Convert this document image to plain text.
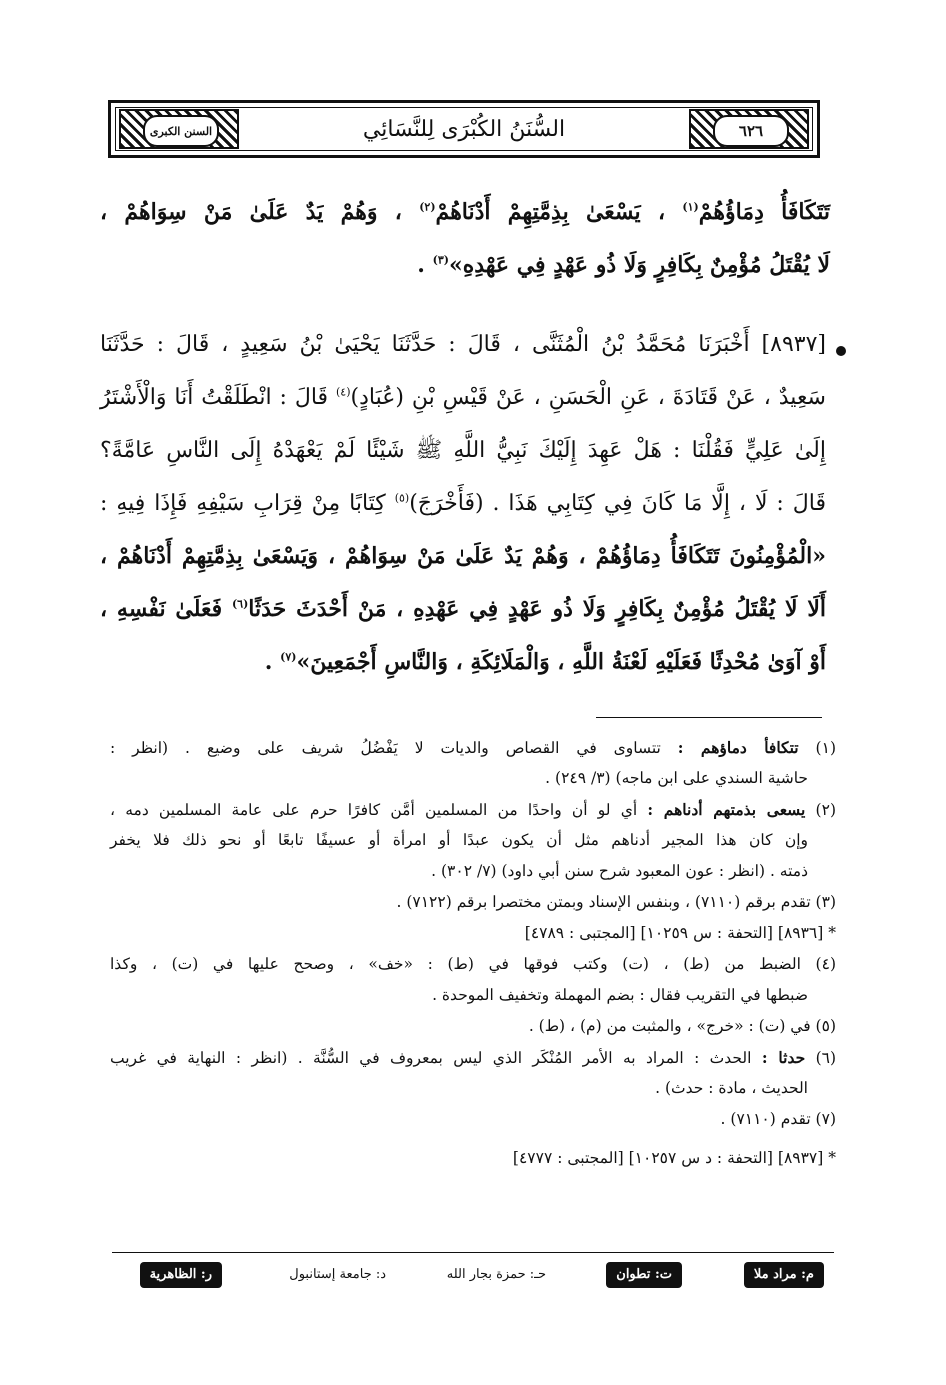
السنن الكبرى	السُّنَنُ الكُبْرَى لِلنَّسَائِي	٦٢٦
تَتَكَافَأُ دِمَاؤُهُمْ$^{(١)}$ ، يَسْعَىٰ بِذِمَّتِهِمْ أَدْنَاهُمْ$^{(٢)}$ ، وَهُمْ يَدٌ عَلَىٰ مَنْ سِوَاهُمْ ،
لَا يُقْتَلُ مُؤْمِنٌ بِكَافِرٍ وَلَا ذُو عَهْدٍ فِي عَهْدِهِ»$^{(٣)}$ .
[٨٩٣٧] أَخْبَرَنَا مُحَمَّدُ بْنُ الْمُثَنَّى ، قَالَ : حَدَّثَنَا يَحْيَىٰ بْنُ سَعِيدٍ ، قَالَ : حَدَّثَنَا
سَعِيدٌ ، عَنْ قَتَادَةَ ، عَنِ الْحَسَنِ ، عَنْ قَيْسِ بْنِ (عُبَادٍ)$^{(٤)}$ قَالَ : انْطَلَقْتُ أَنَا وَالْأَشْتَرُ
إِلَىٰ عَلِيٍّ فَقُلْنَا : هَلْ عَهِدَ إِلَيْكَ نَبِيُّ اللَّهِ ﷺ شَيْئًا لَمْ يَعْهَدْهُ إِلَى النَّاسِ عَامَّةً؟
قَالَ : لَا ، إِلَّا مَا كَانَ فِي كِتَابِي هَذَا . (فَأَخْرَجَ)$^{(٥)}$ كِتَابًا مِنْ قِرَابِ سَيْفِهِ فَإِذَا فِيهِ :
«الْمُؤْمِنُونَ تَتَكَافَأُ دِمَاؤُهُمْ ، وَهُمْ يَدٌ عَلَىٰ مَنْ سِوَاهُمْ ، وَيَسْعَىٰ بِذِمَّتِهِمْ أَدْنَاهُمْ ،
أَلَا لَا يُقْتَلُ مُؤْمِنٌ بِكَافِرٍ وَلَا ذُو عَهْدٍ فِي عَهْدِهِ ، مَنْ أَحْدَثَ حَدَثًا$^{(٦)}$ فَعَلَىٰ نَفْسِهِ ،
أَوْ آوَىٰ مُحْدِثًا فَعَلَيْهِ لَعْنَةُ اللَّهِ ، وَالْمَلَائِكَةِ ، وَالنَّاسِ أَجْمَعِينَ»$^{(٧)}$ .
(١) تتكافأ دماؤهم : تتساوى في القصاص والديات لا يَفْضُلُ شريف على وضيع . (انظر :
حاشية السندي على ابن ماجه) (٣/ ٢٤٩) .
(٢) يسعى بذمتهم أدناهم : أي لو أن واحدًا من المسلمين أمَّن كافرًا حرم على عامة المسلمين دمه ،
وإن كان هذا المجير أدناهم مثل أن يكون عبدًا أو امرأة أو عسيفًا تابعًا أو نحو ذلك فلا يخفر
ذمته . (انظر : عون المعبود شرح سنن أبي داود) (٧/ ٣٠٢) .
(٣) تقدم برقم (٧١١٠) ، وبنفس الإسناد وبمتن مختصرا برقم (٧١٢٢) .
* [٨٩٣٦] [التحفة : س ١٠٢٥٩] [المجتبى : ٤٧٨٩]
(٤) الضبط من (ط) ، (ت) وكتب فوقها في (ط) : «خف» ، وصحح عليها في (ت) ، وكذا
ضبطها في التقريب فقال : بضم المهملة وتخفيف الموحدة .
(٥) في (ت) : «خرج» ، والمثبت من (م) ، (ط) .
(٦) حدثا : الحدث : المراد به الأمر المُنْكَر الذي ليس بمعروف في السُّنَّة . (انظر : النهاية في غريب
الحديث ، مادة : حدث) .
(٧) تقدم (٧١١٠) .
* [٨٩٣٧] [التحفة : د س ١٠٢٥٧] [المجتبى : ٤٧٧٧]
م: مراد ملا
ت: تطوان
حـ: حمزة بجار الله
د: جامعة إستانبول
ر: الظاهرية
